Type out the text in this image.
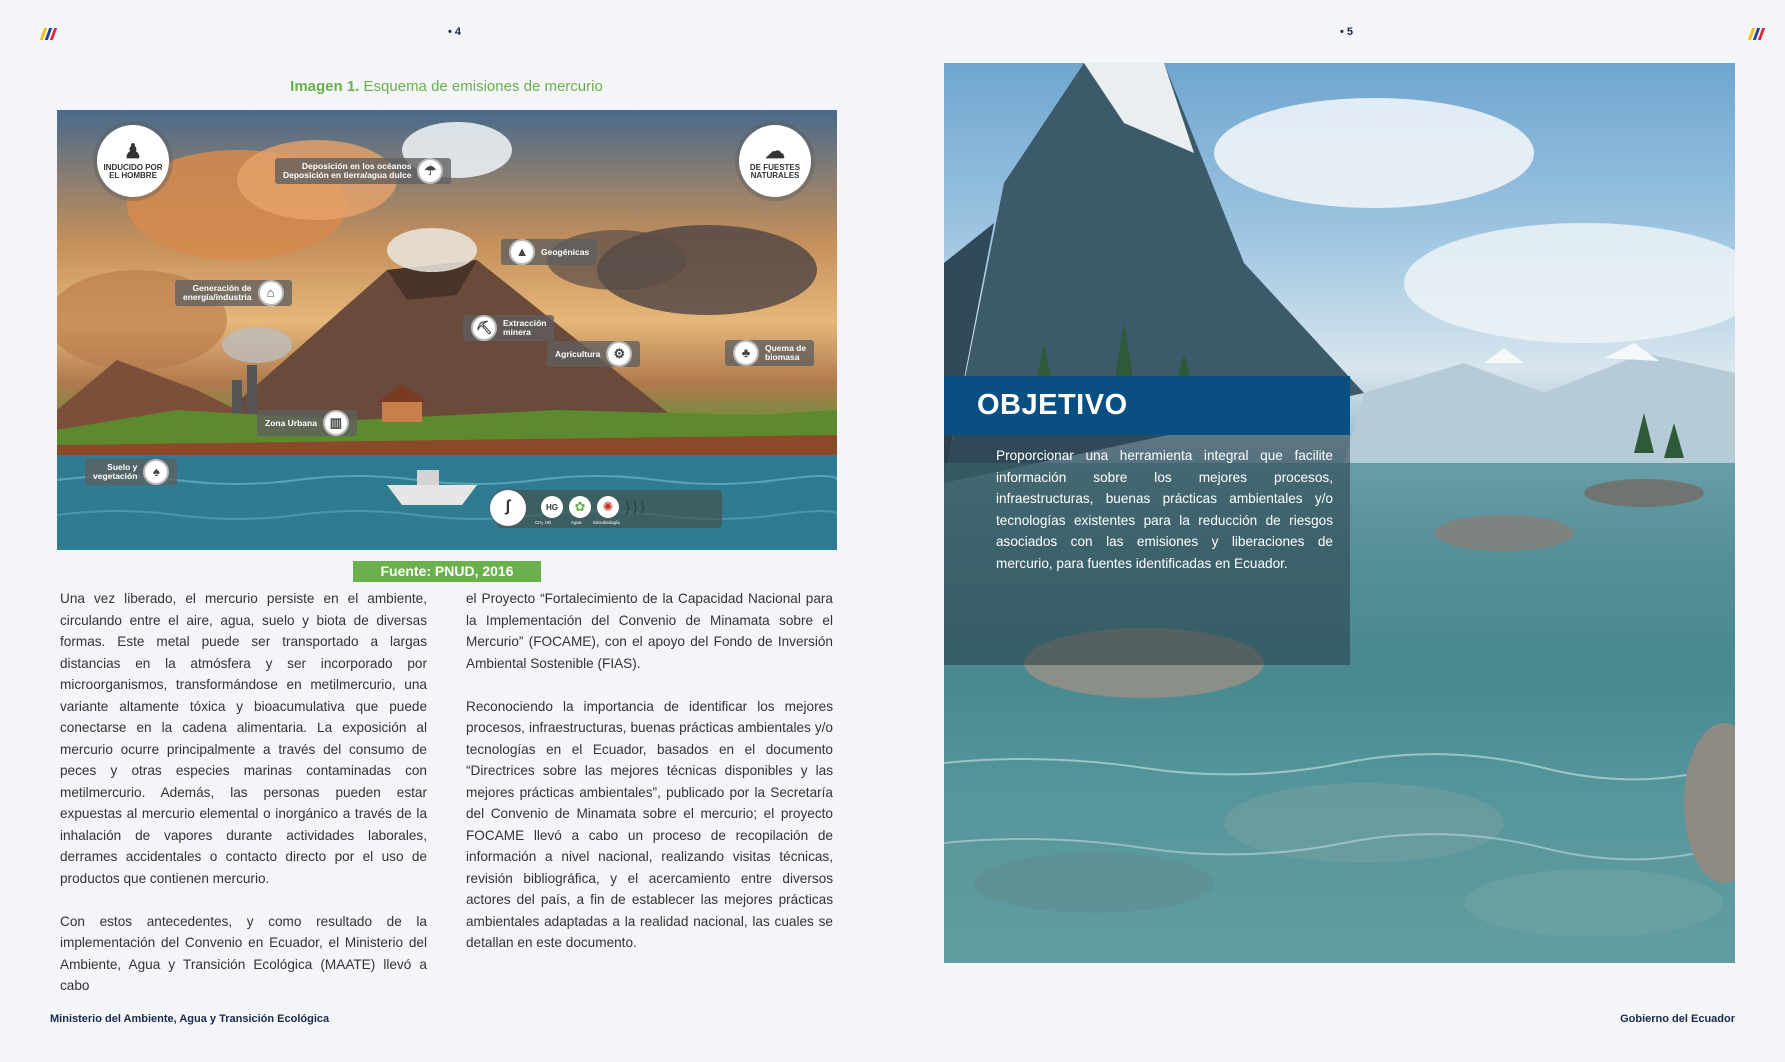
• 4	• 5
Imagen 1. Esquema de emisiones de mercurio
♟
INDUCIDO POR EL HOMBRE
☁
DE FUESTES NATURALES
Deposición en los océanos
Deposición en tierra/agua dulce	☂
▲	Geogénicas
Generación de
energía/industria	⌂
⛏	Extracción
minera
Agricultura	⚙	♣	Quema de
biomasa
Zona Urbana ▥
Suelo y
vegetación	♠
∫	HG	✿	✺ ⟩⟩⟩
CH₃ HG	Agua	Microbiología
Fuente: PNUD, 2016

Una vez liberado, el mercurio persiste en el ambiente, circulando entre el aire, agua, suelo y biota de diversas formas. Este metal puede ser transportado a largas distancias en la atmósfera y ser incorporado por microorganismos, transformándose en metilmercurio, una variante altamente tóxica y bioacumulativa que puede conectarse en la cadena alimentaria. La exposición al mercurio ocurre principalmente a través del consumo de peces y otras especies marinas contaminadas con metilmercurio. Además, las personas pueden estar expuestas al mercurio elemental o inorgánico a través de la inhalación de vapores durante actividades laborales, derrames accidentales o contacto directo por el uso de productos que contienen mercurio.

Con estos antecedentes, y como resultado de la implementación del Convenio en Ecuador, el Ministerio del Ambiente, Agua y Transición Ecológica (MAATE) llevó a cabo

el Proyecto “Fortalecimiento de la Capacidad Nacional para la Implementación del Convenio de Minamata sobre el Mercurio” (FOCAME), con el apoyo del Fondo de Inversión Ambiental Sostenible (FIAS).

Reconociendo la importancia de identificar los mejores procesos, infraestructuras, buenas prácticas ambientales y/o tecnologías en el Ecuador, basados en el documento “Directrices sobre las mejores técnicas disponibles y las mejores prácticas ambientales”, publicado por la Secretaría del Convenio de Minamata sobre el mercurio; el proyecto FOCAME llevó a cabo un proceso de recopilación de información a nivel nacional, realizando visitas técnicas, revisión bibliográfica, y el acercamiento entre diversos actores del país, a fin de establecer las mejores prácticas ambientales adaptadas a la realidad nacional, las cuales se detallan en este documento.

OBJETIVO
Proporcionar una herramienta integral que facilite información sobre los mejores procesos, infraestructuras, buenas prácticas ambientales y/o tecnologías existentes para la reducción de riesgos asociados con las emisiones y liberaciones de mercurio, para fuentes identificadas en Ecuador.
Ministerio del Ambiente, Agua y Transición Ecológica	Gobierno del Ecuador
